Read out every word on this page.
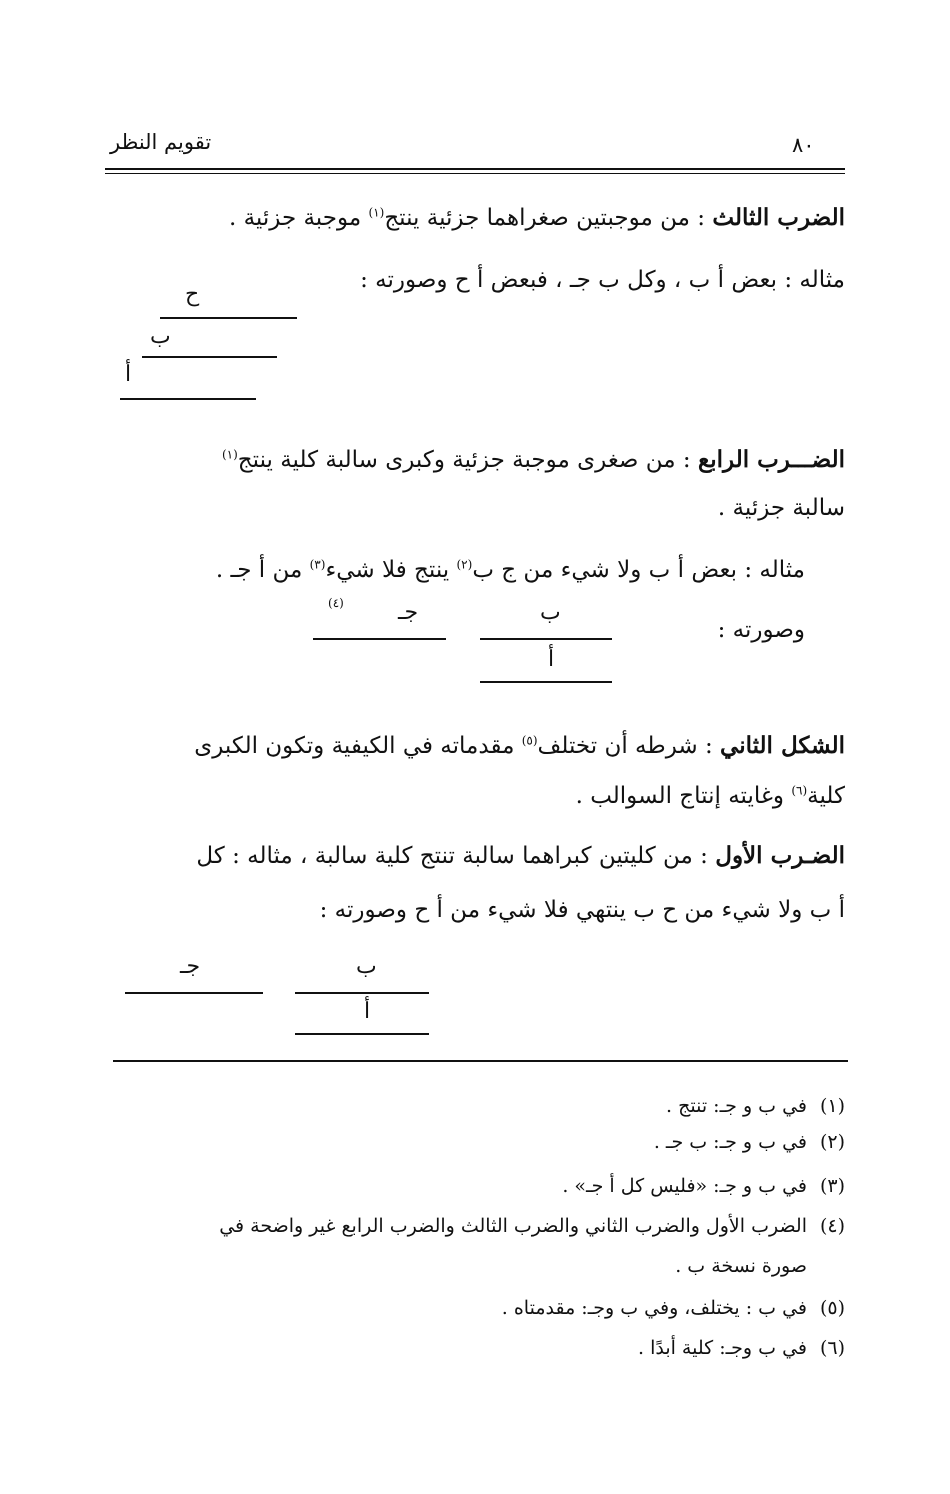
تقويم النظر	٨٠
الضرب الثالث : من موجبتين صغراهما جزئية ينتج$^{(١)}$ موجبة جزئية .
مثاله : بعض أ ب ، وكل ب جـ ، فبعض أ ح وصورته :
ح
ب
أ
الضـــرب الرابع : من صغرى موجبة جزئية وكبرى سالبة كلية ينتج$^{(١)}$
سالبة جزئية .
مثاله : بعض أ ب ولا شيء من ج ب$^{(٢)}$ ينتج فلا شيء$^{(٣)}$ من أ جـ .
وصورته :
(٤) جـ	ب
أ
الشكل الثاني : شرطه أن تختلف$^{(٥)}$ مقدماته في الكيفية وتكون الكبرى
كلية$^{(٦)}$ وغايته إنتاج السوالب .
الضـرب الأول : من كليتين كبراهما سالبة تنتج كلية سالبة ، مثاله : كل
أ ب ولا شيء من ح ب ينتهي فلا شيء من أ ح وصورته :
جـ	ب
أ
(١)في ب و جـ: تنتج .
(٢)في ب و جـ: ب جـ .
(٣)في ب و جـ: «فليس كل أ جـ» .
(٤)الضرب الأول والضرب الثاني والضرب الثالث والضرب الرابع غير واضحة في
صورة نسخة ب .
(٥)في ب : يختلف، وفي ب وجـ: مقدمتاه .
(٦)في ب وجـ: كلية أبدًا .
